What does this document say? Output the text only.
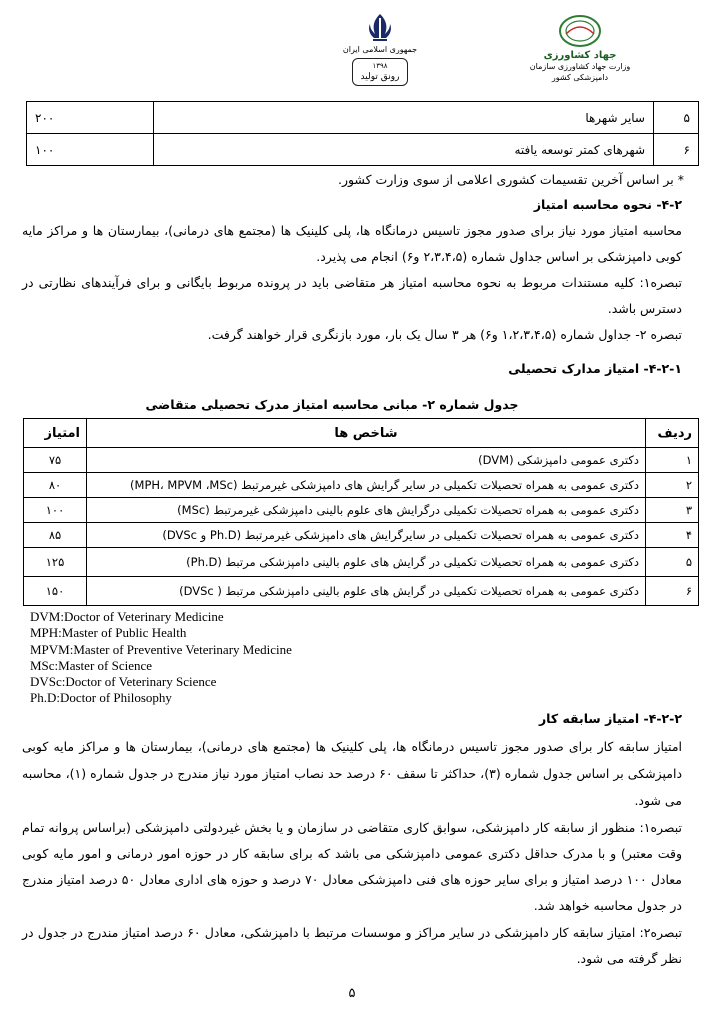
جمهوری اسلامی ایران
۱۳۹۸
رونق تولید
جهاد کشاورزی
وزارت جهاد کشاورزی سازمان دامپزشکی کشور
۵	سایر شهرها	۲۰۰
۶	شهرهای کمتر توسعه یافته	۱۰۰
* بر اساس آخرین تقسیمات کشوری اعلامی از سوی وزارت کشور.
۴-۲- نحوه محاسبه امتیاز
محاسبه امتیاز مورد نیاز برای صدور مجوز تاسیس درمانگاه ها، پلی کلینیک ها (مجتمع های درمانی)، بیمارستان ها و مراکز مایه کوبی دامپزشکی بر اساس جداول شماره (۲،۳،۴،۵ و۶) انجام می پذیرد.
تبصره۱: کلیه مستندات مربوط به نحوه محاسبه امتیاز هر متقاضی باید در پرونده مربوط بایگانی و برای فرآیندهای نظارتی در دسترس باشد.
تبصره ۲- جداول شماره (۱،۲،۳،۴،۵ و۶) هر ۳ سال یک بار، مورد بازنگری قرار خواهند گرفت.
۴-۲-۱- امتیاز مدارک تحصیلی
جدول شماره ۲- مبانی محاسبه امتیاز مدرک تحصیلی متقاضی
ردیف	شاخص ها	امتیاز
۱	دکتری عمومی دامپزشکی (DVM)	۷۵
۲	دکتری عمومی به همراه تحصیلات تکمیلی در سایر گرایش های دامپزشکی غیرمرتبط (MPH، MPVM ،MSc)	۸۰
۳	دکتری عمومی به همراه تحصیلات تکمیلی درگرایش های علوم بالینی دامپزشکی غیرمرتبط (MSc)	۱۰۰
۴	دکتری عمومی به همراه تحصیلات تکمیلی در سایرگرایش های دامپزشکی غیرمرتبط (Ph.D و DVSc)	۸۵
۵	دکتری عمومی به همراه تحصیلات تکمیلی در گرایش های علوم بالینی دامپزشکی مرتبط (Ph.D)	۱۲۵
۶	دکتری عمومی به همراه تحصیلات تکمیلی در گرایش های علوم بالینی دامپزشکی مرتبط ( DVSc)	۱۵۰
DVM:Doctor of Veterinary Medicine
MPH:Master of Public Health
MPVM:Master of Preventive Veterinary Medicine
MSc:Master of Science
DVSc:Doctor of Veterinary Science
Ph.D:Doctor of Philosophy
۴-۲-۲- امتیاز سابقه کار
امتیاز سابقه کار برای صدور مجوز تاسیس درمانگاه ها، پلی کلینیک ها (مجتمع های درمانی)، بیمارستان ها و مراکز مایه کوبی دامپزشکی بر اساس جدول شماره (۳)، حداکثر تا سقف ۶۰ درصد حد نصاب امتیاز مورد نیاز مندرج در جدول شماره (۱)، محاسبه می شود.
تبصره۱: منظور از سابقه کار دامپزشکی، سوابق کاری متقاضی در سازمان و یا بخش غیردولتی دامپزشکی (براساس پروانه تمام وقت معتبر) و با مدرک حداقل دکتری عمومی دامپزشکی می باشد که برای سابقه کار در حوزه امور درمانی و امور مایه کوبی معادل ۱۰۰ درصد امتیاز و برای سایر حوزه های فنی دامپزشکی معادل ۷۰ درصد و حوزه های اداری معادل ۵۰ درصد امتیاز مندرج در جدول محاسبه خواهد شد.
تبصره۲: امتیاز سابقه کار دامپزشکی در سایر مراکز و موسسات مرتبط با دامپزشکی، معادل ۶۰ درصد امتیاز مندرج در جدول در نظر گرفته می شود.
۵
